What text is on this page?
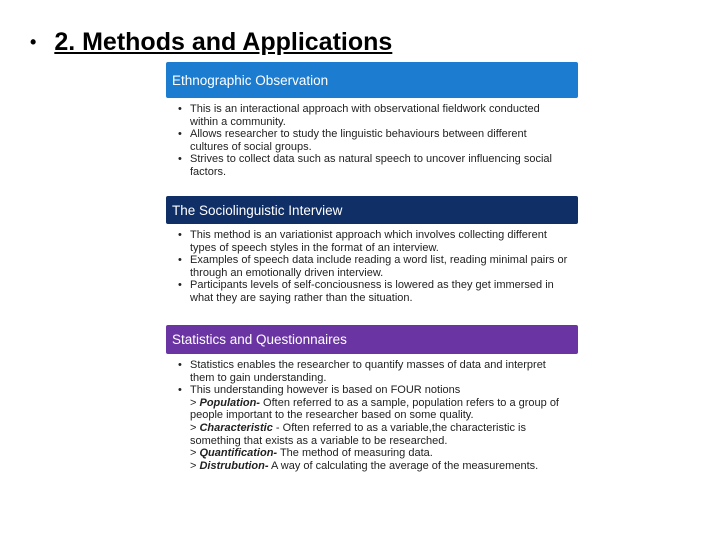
• 2. Methods and Applications
Ethnographic Observation
• This is an interactional approach with observational fieldwork conducted within a community.
• Allows researcher to study the linguistic behaviours between different cultures of social groups.
• Strives to collect data such as natural speech to uncover influencing social factors.
The Sociolinguistic Interview
• This method is an variationist approach which involves collecting different types of speech styles in the format of an interview.
• Examples of speech data include reading a word list, reading minimal pairs or through an emotionally driven interview.
• Participants levels of self-conciousness is lowered as they get immersed in what they are saying rather than the situation.
Statistics and Questionnaires
• Statistics enables the researcher to quantify masses of data and interpret them to gain understanding.
• This understanding however is based on FOUR notions
> Population- Often referred to as a sample, population refers to a group of people important to the researcher based on some quality.
> Characteristic - Often referred to as a variable,the characteristic is something that exists as a variable to be researched.
> Quantification- The method of measuring data.
> Distrubution- A way of calculating the average of the measurements.
